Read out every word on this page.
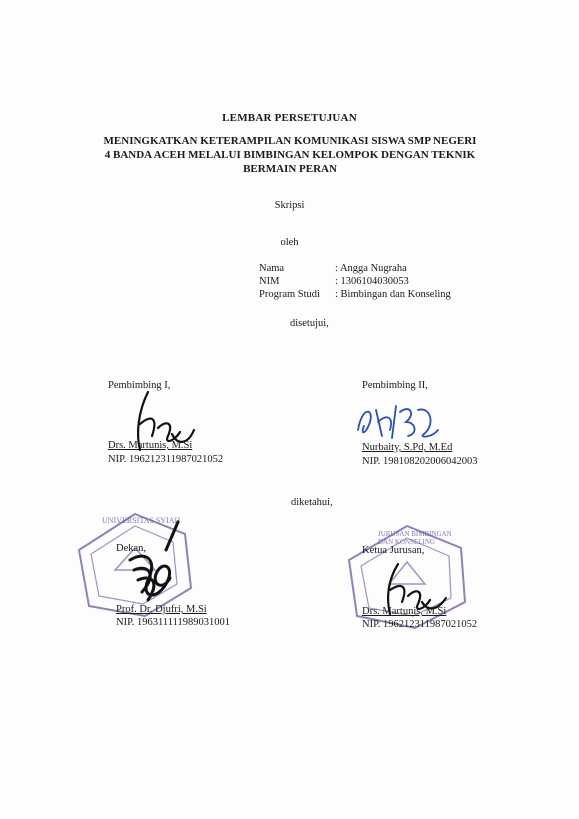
LEMBAR PERSETUJUAN
MENINGKATKAN KETERAMPILAN KOMUNIKASI SISWA SMP NEGERI
4 BANDA ACEH MELALUI BIMBINGAN KELOMPOK DENGAN TEKNIK
BERMAIN PERAN
Skripsi
oleh
Nama	: Angga Nugraha
NIM	: 1306104030053
Program Studi : Bimbingan dan Konseling
disetujui,
Pembimbing I,
Drs. Martunis, M.Si
NIP. 196212311987021052
Pembimbing II,
Nurbaity, S.Pd, M.Ed
NIP. 198108202006042003
diketahui,
UNIVERSITAS SYIAH
Dekan,
Prof. Dr. Djufri, M.Si
NIP. 196311111989031001
JURUSAN BIMBINGAN DAN KONSELING
Ketua Jurusan,
Drs. Martunis, M.Si
NIP. 196212311987021052
